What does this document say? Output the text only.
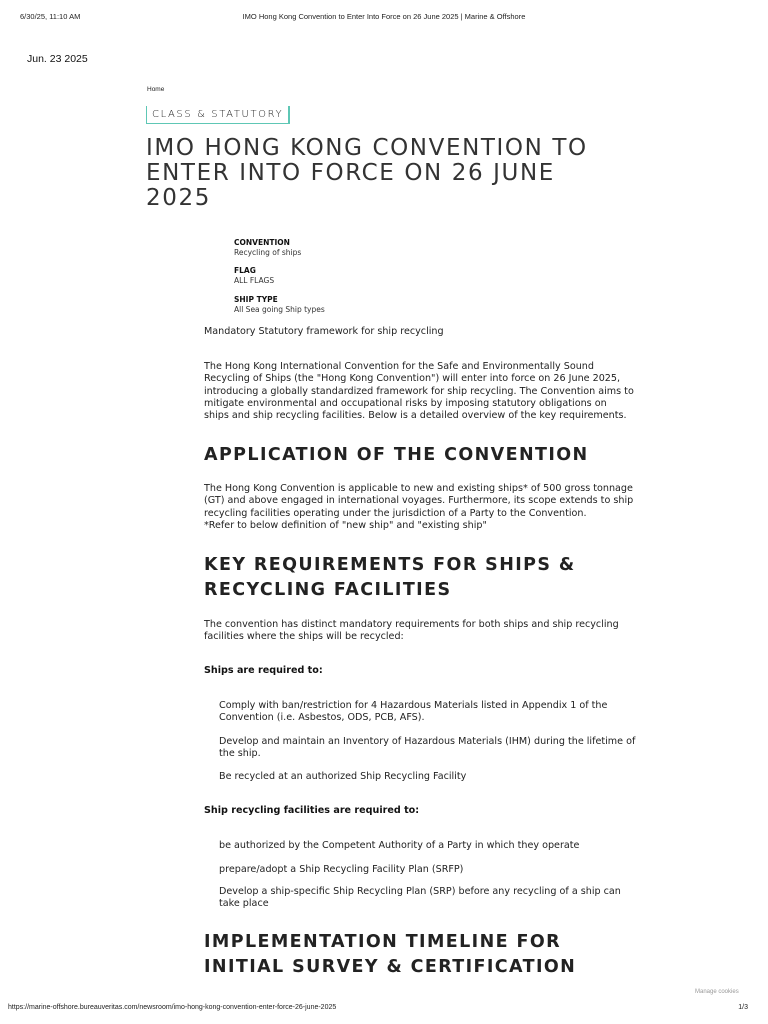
6/30/25, 11:10 AM	IMO Hong Kong Convention to Enter Into Force on 26 June 2025 | Marine & Offshore
Jun. 23 2025
Home
CLASS & STATUTORY
IMO HONG KONG CONVENTION TO ENTER INTO FORCE ON 26 JUNE 2025
CONVENTION
Recycling of ships
FLAG
ALL FLAGS
SHIP TYPE
All Sea going Ship types

Mandatory Statutory framework for ship recycling

The Hong Kong International Convention for the Safe and Environmentally Sound Recycling of Ships (the "Hong Kong Convention") will enter into force on 26 June 2025, introducing a globally standardized framework for ship recycling. The Convention aims to mitigate environmental and occupational risks by imposing statutory obligations on ships and ship recycling facilities. Below is a detailed overview of the key requirements.

APPLICATION OF THE CONVENTION

The Hong Kong Convention is applicable to new and existing ships* of 500 gross tonnage (GT) and above engaged in international voyages. Furthermore, its scope extends to ship recycling facilities operating under the jurisdiction of a Party to the Convention.

*Refer to below definition of "new ship" and "existing ship"

KEY REQUIREMENTS FOR SHIPS & RECYCLING FACILITIES

The convention has distinct mandatory requirements for both ships and ship recycling facilities where the ships will be recycled:

Ships are required to:

Comply with ban/restriction for 4 Hazardous Materials listed in Appendix 1 of the Convention (i.e. Asbestos, ODS, PCB, AFS).

Develop and maintain an Inventory of Hazardous Materials (IHM) during the lifetime of the ship.

Be recycled at an authorized Ship Recycling Facility

Ship recycling facilities are required to:

be authorized by the Competent Authority of a Party in which they operate

prepare/adopt a Ship Recycling Facility Plan (SRFP)

Develop a ship-specific Ship Recycling Plan (SRP) before any recycling of a ship can take place

IMPLEMENTATION TIMELINE FOR INITIAL SURVEY & CERTIFICATION
Manage cookies
https://marine-offshore.bureauveritas.com/newsroom/imo-hong-kong-convention-enter-force-26-june-2025	1/3
